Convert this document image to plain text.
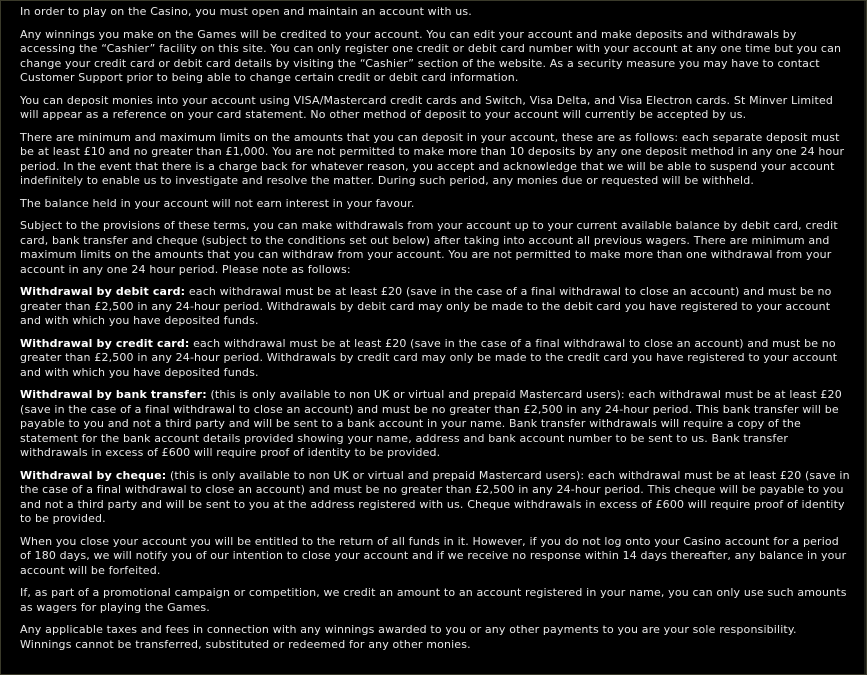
In order to play on the Casino, you must open and maintain an account with us.

Any winnings you make on the Games will be credited to your account. You can edit your account and make deposits and withdrawals by accessing the “Cashier” facility on this site. You can only register one credit or debit card number with your account at any one time but you can change your credit card or debit card details by visiting the “Cashier” section of the website. As a security measure you may have to contact Customer Support prior to being able to change certain credit or debit card information.

You can deposit monies into your account using VISA/Mastercard credit cards and Switch, Visa Delta, and Visa Electron cards. St Minver Limited will appear as a reference on your card statement. No other method of deposit to your account will currently be accepted by us.

There are minimum and maximum limits on the amounts that you can deposit in your account, these are as follows: each separate deposit must be at least £10 and no greater than £1,000. You are not permitted to make more than 10 deposits by any one deposit method in any one 24 hour period. In the event that there is a charge back for whatever reason, you accept and acknowledge that we will be able to suspend your account indefinitely to enable us to investigate and resolve the matter. During such period, any monies due or requested will be withheld.

The balance held in your account will not earn interest in your favour.

Subject to the provisions of these terms, you can make withdrawals from your account up to your current available balance by debit card, credit card, bank transfer and cheque (subject to the conditions set out below) after taking into account all previous wagers. There are minimum and maximum limits on the amounts that you can withdraw from your account. You are not permitted to make more than one withdrawal from your account in any one 24 hour period. Please note as follows:

Withdrawal by debit card: each withdrawal must be at least £20 (save in the case of a final withdrawal to close an account) and must be no greater than £2,500 in any 24-hour period. Withdrawals by debit card may only be made to the debit card you have registered to your account and with which you have deposited funds.

Withdrawal by credit card: each withdrawal must be at least £20 (save in the case of a final withdrawal to close an account) and must be no greater than £2,500 in any 24-hour period. Withdrawals by credit card may only be made to the credit card you have registered to your account and with which you have deposited funds.

Withdrawal by bank transfer: (this is only available to non UK or virtual and prepaid Mastercard users): each withdrawal must be at least £20 (save in the case of a final withdrawal to close an account) and must be no greater than £2,500 in any 24-hour period. This bank transfer will be payable to you and not a third party and will be sent to a bank account in your name. Bank transfer withdrawals will require a copy of the statement for the bank account details provided showing your name, address and bank account number to be sent to us. Bank transfer withdrawals in excess of £600 will require proof of identity to be provided.

Withdrawal by cheque: (this is only available to non UK or virtual and prepaid Mastercard users): each withdrawal must be at least £20 (save in the case of a final withdrawal to close an account) and must be no greater than £2,500 in any 24-hour period. This cheque will be payable to you and not a third party and will be sent to you at the address registered with us. Cheque withdrawals in excess of £600 will require proof of identity to be provided.

When you close your account you will be entitled to the return of all funds in it. However, if you do not log onto your Casino account for a period of 180 days, we will notify you of our intention to close your account and if we receive no response within 14 days thereafter, any balance in your account will be forfeited.

If, as part of a promotional campaign or competition, we credit an amount to an account registered in your name, you can only use such amounts as wagers for playing the Games.

Any applicable taxes and fees in connection with any winnings awarded to you or any other payments to you are your sole responsibility. Winnings cannot be transferred, substituted or redeemed for any other monies.
